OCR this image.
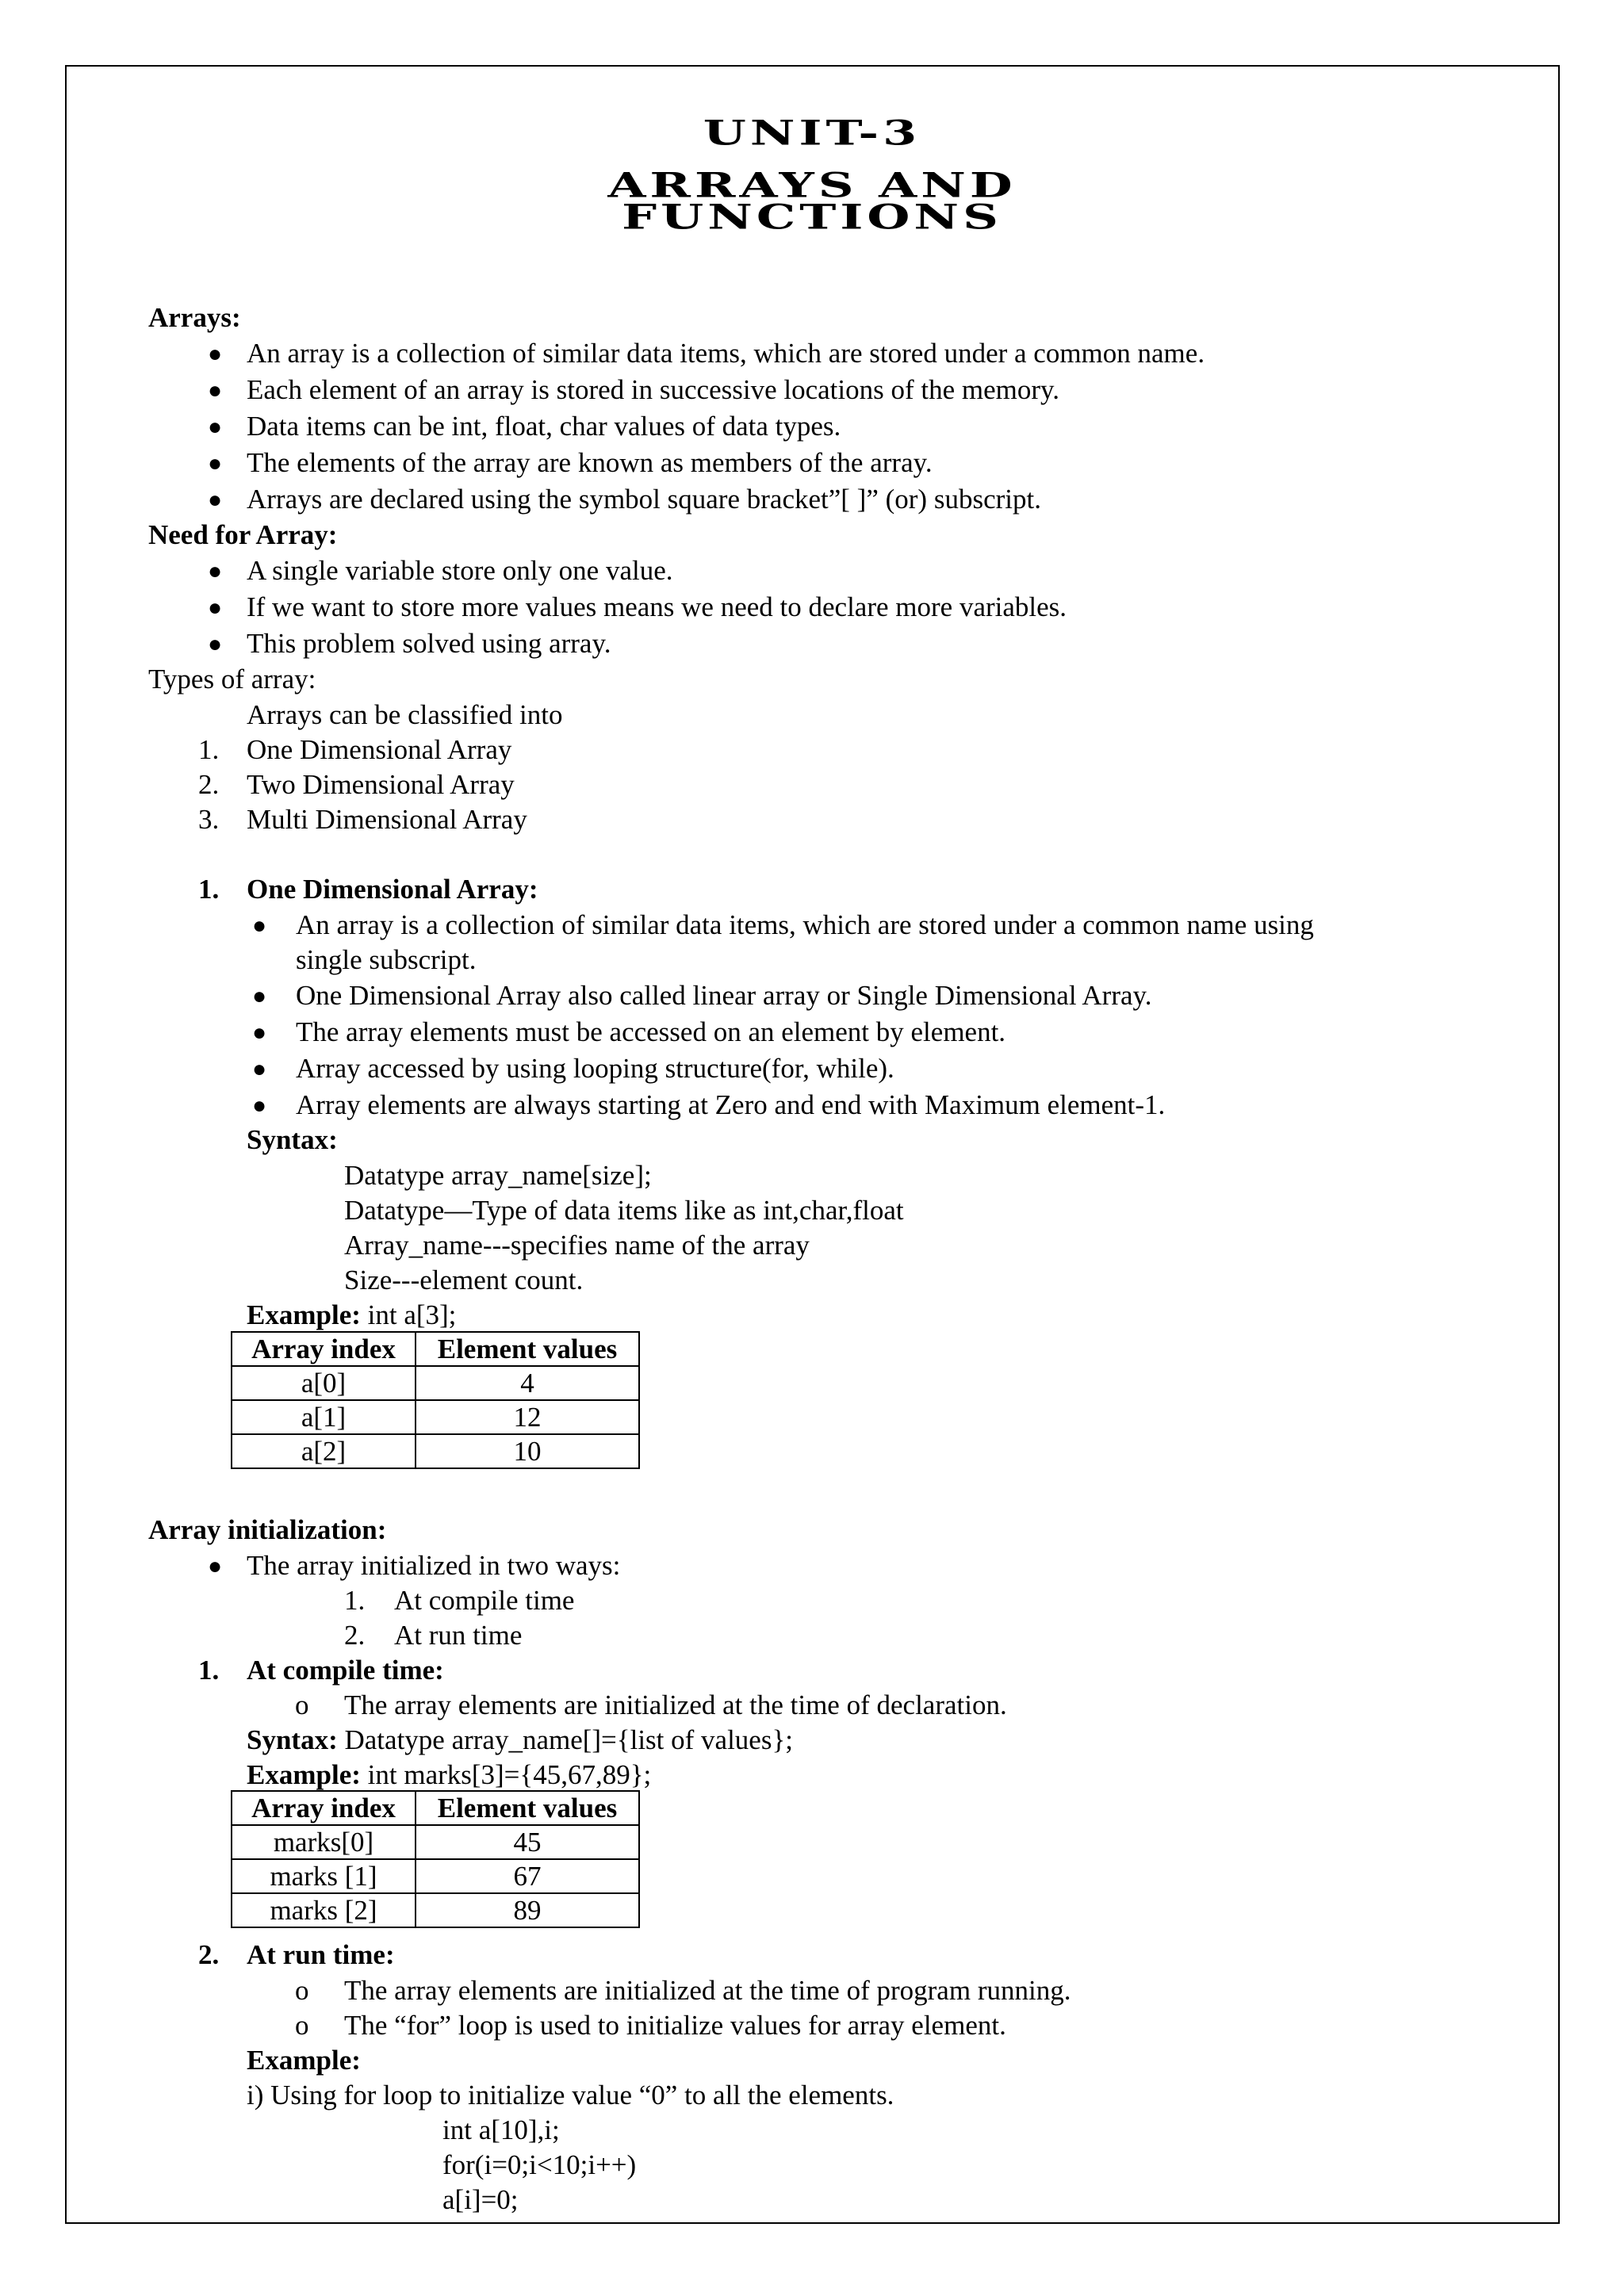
UNIT-3
ARRAYS AND
FUNCTIONS
Arrays:
● An array is a collection of similar data items, which are stored under a common name.
● Each element of an array is stored in successive locations of the memory.
● Data items can be int, float, char values of data types.
● The elements of the array are known as members of the array.
● Arrays are declared using the symbol square bracket”[ ]” (or) subscript.
Need for Array:
● A single variable store only one value.
● If we want to store more values means we need to declare more variables.
● This problem solved using array.
Types of array:
Arrays can be classified into
1. One Dimensional Array
2. Two Dimensional Array
3. Multi Dimensional Array
1. One Dimensional Array:
● An array is a collection of similar data items, which are stored under a common name using
single subscript.
● One Dimensional Array also called linear array or Single Dimensional Array.
● The array elements must be accessed on an element by element.
● Array accessed by using looping structure(for, while).
● Array elements are always starting at Zero and end with Maximum element-1.
Syntax:
Datatype array_name[size];
Datatype—Type of data items like as int,char,float
Array_name---specifies name of the array
Size---element count.
Example: int a[3];
Array index	Element values
a[0]	4
a[1]	12
a[2]	10
Array initialization:
● The array initialized in two ways:
1. At compile time
2. At run time
1. At compile time:
o The array elements are initialized at the time of declaration.
Syntax: Datatype array_name[]={list of values};
Example: int marks[3]={45,67,89};
Array index	Element values
marks[0]	45
marks [1]	67
marks [2]	89
2. At run time:
o The array elements are initialized at the time of program running.
o The “for” loop is used to initialize values for array element.
Example:
i) Using for loop to initialize value “0” to all the elements.
int a[10],i;
for(i=0;i<10;i++)
a[i]=0;
